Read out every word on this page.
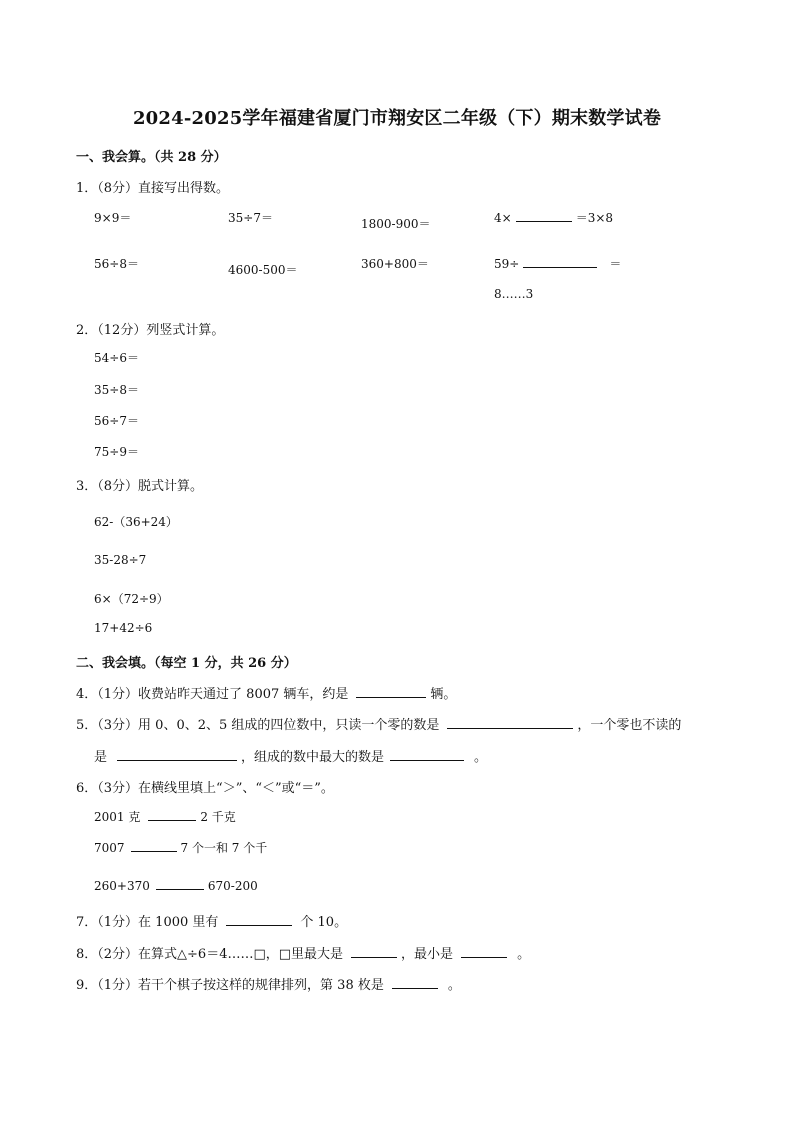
2024-2025学年福建省厦门市翔安区二年级（下）期末数学试卷
一、我会算。（共 28 分）
1．（8分）直接写出得数。
9×9＝	35÷7＝	1800-900＝	4×	＝3×8
56÷8＝	4600-500＝	360+800＝	59÷	＝
8……3
2．（12分）列竖式计算。
54÷6＝
35÷8＝
56÷7＝
75÷9＝
3．（8分）脱式计算。
62-（36+24）
35-28÷7
6×（72÷9）
17+42÷6
二、我会填。（每空 1 分，共 26 分）
4．（1分）收费站昨天通过了 8007 辆车，约是	辆。
5．（3分）用 0、0、2、5 组成的四位数中，只读一个零的数是	，一个零也不读的
是	，组成的数中最大的数是	。
6．（3分）在横线里填上“＞”、“＜”或“＝”。
2001 克	2 千克
7007	7 个一和 7 个千
260+370	670-200
7．（1分）在 1000 里有	个 10。
8．（2分）在算式△÷6＝4……□，□里最大是	，最小是	。
9．（1分）若干个棋子按这样的规律排列，第 38 枚是	。
